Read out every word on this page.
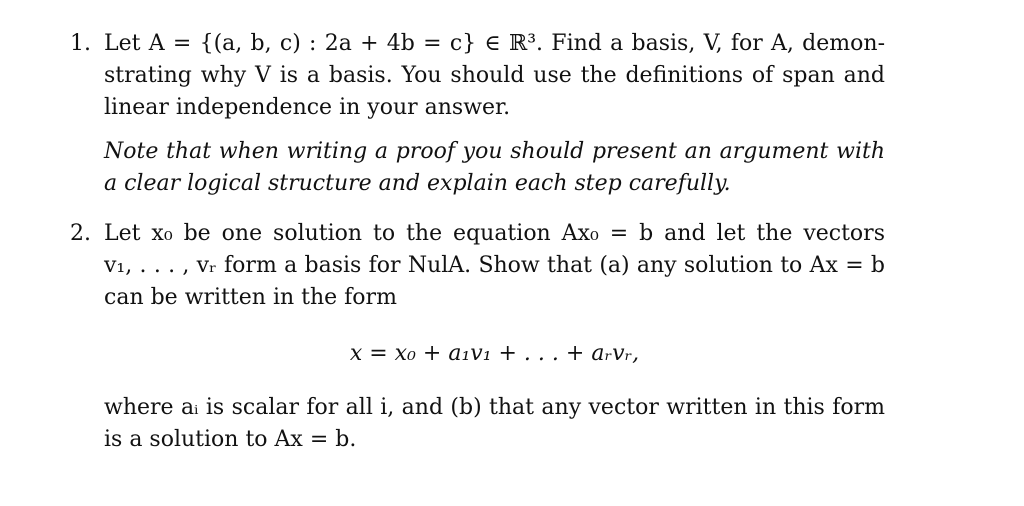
1. Let A = {(a, b, c) : 2a + 4b = c} ∈ ℝ³. Find a basis, V, for A, demon-
strating why V is a basis. You should use the definitions of span and
linear independence in your answer.
Note that when writing a proof you should present an argument with
a clear logical structure and explain each step carefully.
2. Let x₀ be one solution to the equation Ax₀ = b and let the vectors
v₁, . . . , vᵣ form a basis for NulA. Show that (a) any solution to Ax = b
can be written in the form
x = x₀ + a₁v₁ + . . . + aᵣvᵣ,
where aᵢ is scalar for all i, and (b) that any vector written in this form
is a solution to Ax = b.
